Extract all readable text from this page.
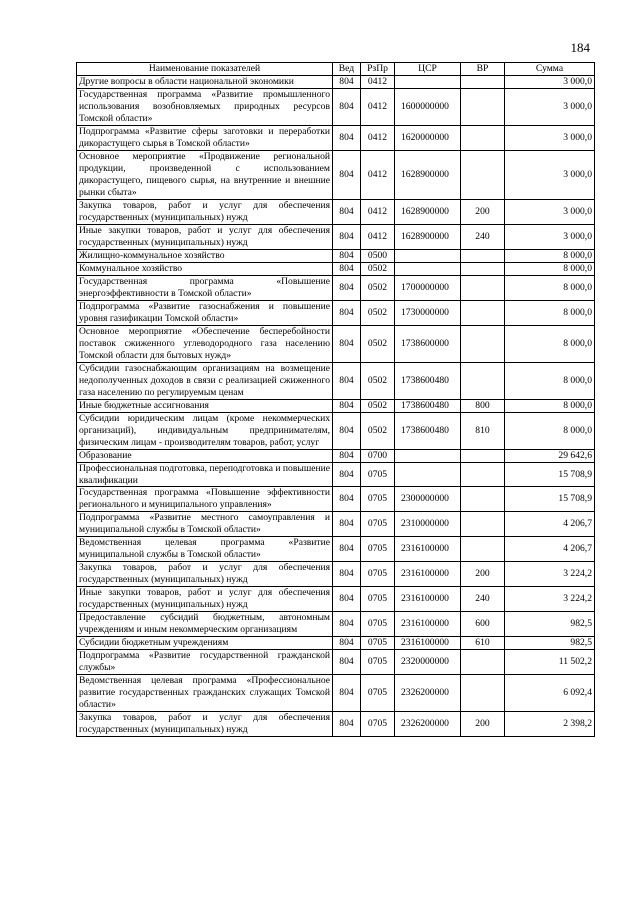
184
Наименование показателей	Вед	РзПр	ЦСР	ВР	Сумма
Другие вопросы в области национальной экономики	804	0412			3 000,0
Государственная программа «Развитие промышленного использования возобновляемых природных ресурсов Томской области»	804	0412	1600000000		3 000,0
Подпрограмма «Развитие сферы заготовки и переработки дикорастущего сырья в Томской области»	804	0412	1620000000		3 000,0
Основное мероприятие «Продвижение региональной продукции, произведенной с использованием дикорастущего, пищевого сырья, на внутренние и внешние рынки сбыта»	804	0412	1628900000		3 000,0
Закупка товаров, работ и услуг для обеспечения государственных (муниципальных) нужд	804	0412	1628900000	200	3 000,0
Иные закупки товаров, работ и услуг для обеспечения государственных (муниципальных) нужд	804	0412	1628900000	240	3 000,0
Жилищно-коммунальное хозяйство	804	0500			8 000,0
Коммунальное хозяйство	804	0502			8 000,0
Государственная программа «Повышение энергоэффективности в Томской области»	804	0502	1700000000		8 000,0
Подпрограмма «Развитие газоснабжения и повышение уровня газификации Томской области»	804	0502	1730000000		8 000,0
Основное мероприятие «Обеспечение бесперебойности поставок сжиженного углеводородного газа населению Томской области для бытовых нужд»	804	0502	1738600000		8 000,0
Субсидии газоснабжающим организациям на возмещение недополученных доходов в связи с реализацией сжиженного газа населению по регулируемым ценам	804	0502	1738600480		8 000,0
Иные бюджетные ассигнования	804	0502	1738600480	800	8 000,0
Субсидии юридическим лицам (кроме некоммерческих организаций), индивидуальным предпринимателям, физическим лицам - производителям товаров, работ, услуг	804	0502	1738600480	810	8 000,0
Образование	804	0700			29 642,6
Профессиональная подготовка, переподготовка и повышение квалификации	804	0705			15 708,9
Государственная программа «Повышение эффективности регионального и муниципального управления»	804	0705	2300000000		15 708,9
Подпрограмма «Развитие местного самоуправления и муниципальной службы в Томской области»	804	0705	2310000000		4 206,7
Ведомственная целевая программа «Развитие муниципальной службы в Томской области»	804	0705	2316100000		4 206,7
Закупка товаров, работ и услуг для обеспечения государственных (муниципальных) нужд	804	0705	2316100000	200	3 224,2
Иные закупки товаров, работ и услуг для обеспечения государственных (муниципальных) нужд	804	0705	2316100000	240	3 224,2
Предоставление субсидий бюджетным, автономным учреждениям и иным некоммерческим организациям	804	0705	2316100000	600	982,5
Субсидии бюджетным учреждениям	804	0705	2316100000	610	982,5
Подпрограмма «Развитие государственной гражданской службы»	804	0705	2320000000		11 502,2
Ведомственная целевая программа «Профессиональное развитие государственных гражданских служащих Томской области»	804	0705	2326200000		6 092,4
Закупка товаров, работ и услуг для обеспечения государственных (муниципальных) нужд	804	0705	2326200000	200	2 398,2
